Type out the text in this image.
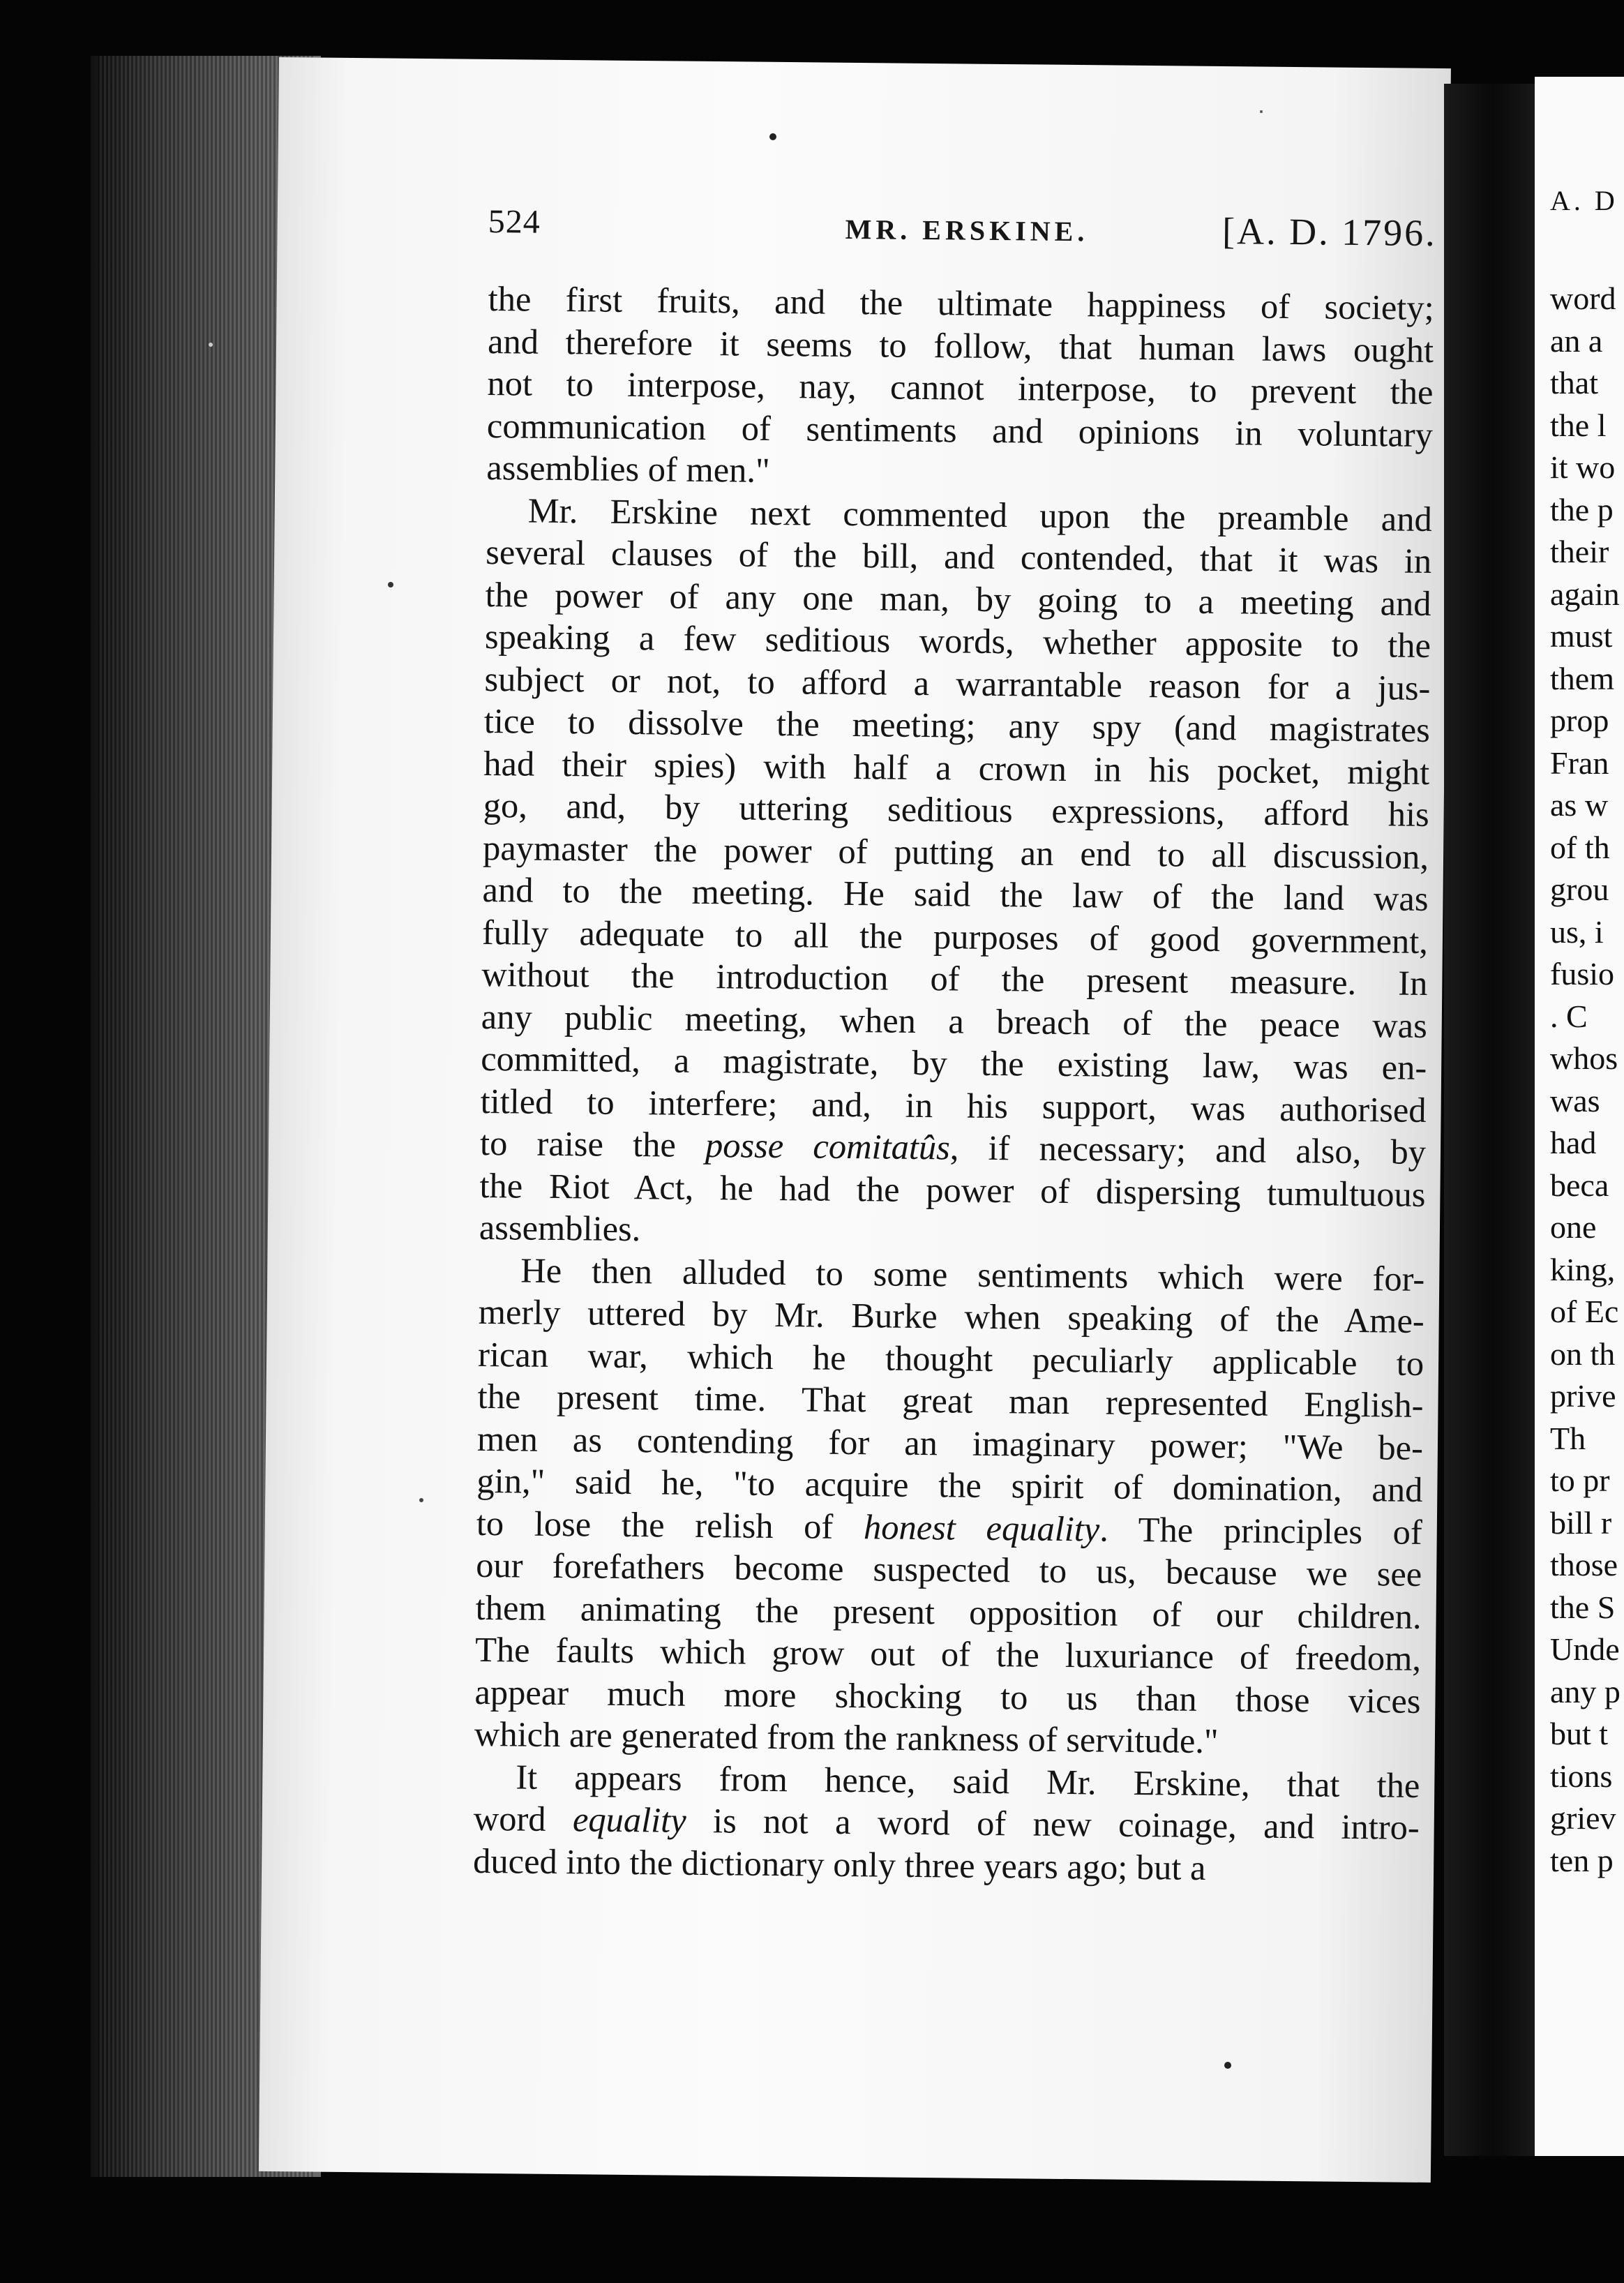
A. D
word
an a
that
the l
it wo
the p
their
again
must
them
prop
Fran
as w
of th
grou
us, i
fusio
. C
whos
was
had
beca
one
king,
of Ec
on th
prive
Th
to pr
bill r
those
the S
Unde
any p
but t
tions
griev
ten p
524	MR. ERSKINE.	[A. D. 1796.

the first fruits, and the ultimate happiness of society;
and therefore it seems to follow, that human laws ought
not to interpose, nay, cannot interpose, to prevent the
communication of sentiments and opinions in voluntary
assemblies of men."

Mr. Erskine next commented upon the preamble and
several clauses of the bill, and contended, that it was in
the power of any one man, by going to a meeting and
speaking a few seditious words, whether apposite to the
subject or not, to afford a warrantable reason for a jus-
tice to dissolve the meeting; any spy (and magistrates
had their spies) with half a crown in his pocket, might
go, and, by uttering seditious expressions, afford his
paymaster the power of putting an end to all discussion,
and to the meeting. He said the law of the land was
fully adequate to all the purposes of good government,
without the introduction of the present measure. In
any public meeting, when a breach of the peace was
committed, a magistrate, by the existing law, was en-
titled to interfere; and, in his support, was authorised
to raise the posse comitatûs, if necessary; and also, by
the Riot Act, he had the power of dispersing tumultuous
assemblies.

He then alluded to some sentiments which were for-
merly uttered by Mr. Burke when speaking of the Ame-
rican war, which he thought peculiarly applicable to
the present time. That great man represented English-
men as contending for an imaginary power; "We be-
gin," said he, "to acquire the spirit of domination, and
to lose the relish of honest equality. The principles of
our forefathers become suspected to us, because we see
them animating the present opposition of our children.
The faults which grow out of the luxuriance of freedom,
appear much more shocking to us than those vices
which are generated from the rankness of servitude."

It appears from hence, said Mr. Erskine, that the
word equality is not a word of new coinage, and intro-
duced into the dictionary only three years ago; but a
